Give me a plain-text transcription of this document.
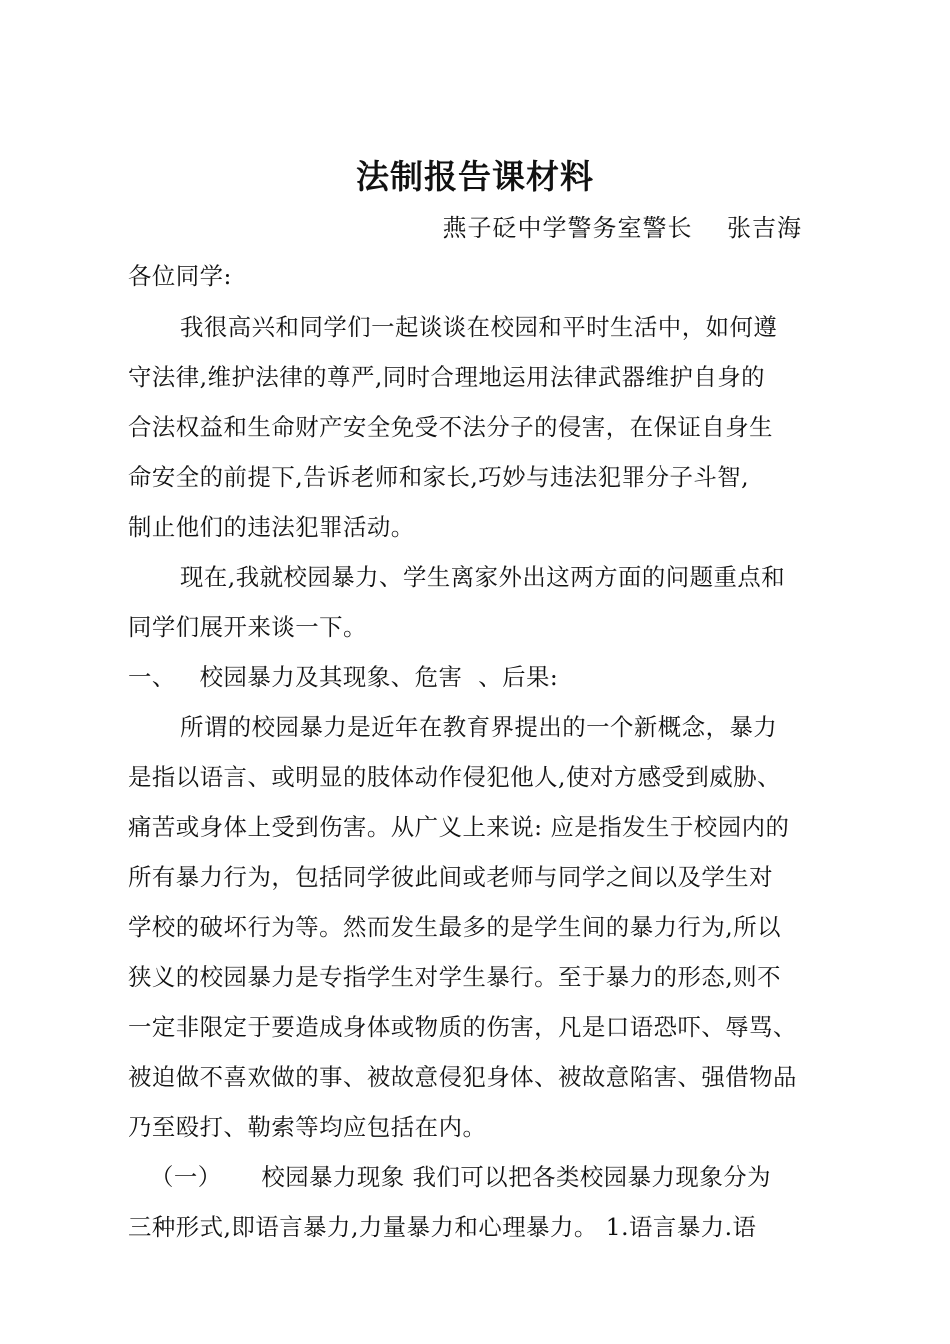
法制报告课材料
燕子砭中学警务室警长    张吉海
各位同学:
我很高兴和同学们一起谈谈在校园和平时生活中，如何遵
守法律,维护法律的尊严,同时合理地运用法律武器维护自身的
合法权益和生命财产安全免受不法分子的侵害，在保证自身生
命安全的前提下,告诉老师和家长,巧妙与违法犯罪分子斗智,
制止他们的违法犯罪活动。
现在,我就校园暴力、学生离家外出这两方面的问题重点和
同学们展开来谈一下。
一、   校园暴力及其现象、危害  、后果:
所谓的校园暴力是近年在教育界提出的一个新概念，暴力
是指以语言、或明显的肢体动作侵犯他人,使对方感受到威胁、
痛苦或身体上受到伤害。从广义上来说: 应是指发生于校园内的
所有暴力行为，包括同学彼此间或老师与同学之间以及学生对
学校的破坏行为等。然而发生最多的是学生间的暴力行为,所以
狭义的校园暴力是专指学生对学生暴行。至于暴力的形态,则不
一定非限定于要造成身体或物质的伤害，凡是口语恐吓、辱骂、
被迫做不喜欢做的事、被故意侵犯身体、被故意陷害、强借物品
乃至殴打、勒索等均应包括在内。
（一）     校园暴力现象 我们可以把各类校园暴力现象分为
三种形式,即语言暴力,力量暴力和心理暴力。 1.语言暴力.语
